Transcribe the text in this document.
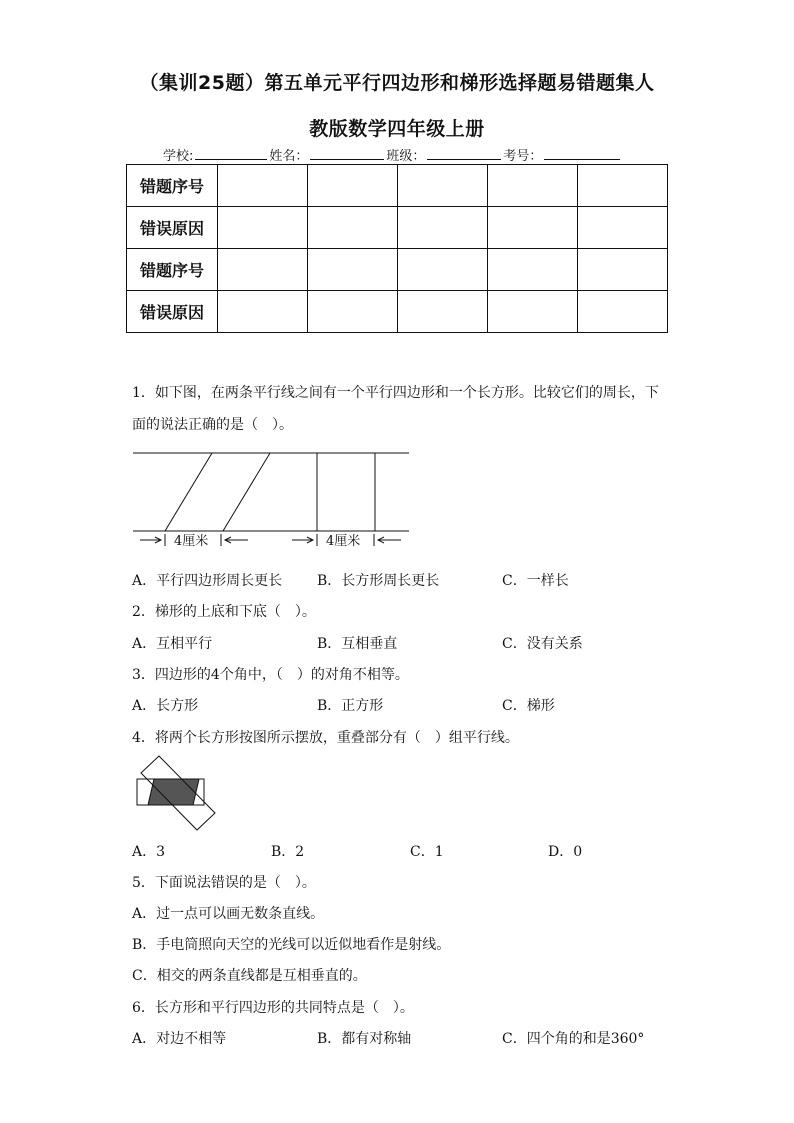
（集训25题）第五单元平行四边形和梯形选择题易错题集人
教版数学四年级上册
学校:	姓名：	班级：	考号：
错题序号					
错误原因					
错题序号					
错误原因					
1．如下图，在两条平行线之间有一个平行四边形和一个长方形。比较它们的周长，下
面的说法正确的是（　）。
4厘米	4厘米
A．平行四边形周长更长 B．长方形周长更长	C．一样长
2．梯形的上底和下底（　）。
A．互相平行	B．互相垂直	C．没有关系
3．四边形的4个角中，（　）的对角不相等。
A．长方形	B．正方形	C．梯形
4．将两个长方形按图所示摆放，重叠部分有（　）组平行线。
A．3	B．2	C．1	D．0
5．下面说法错误的是（　）。
A．过一点可以画无数条直线。
B．手电筒照向天空的光线可以近似地看作是射线。
C．相交的两条直线都是互相垂直的。
6．长方形和平行四边形的共同特点是（　）。
A．对边不相等	B．都有对称轴	C．四个角的和是360°
